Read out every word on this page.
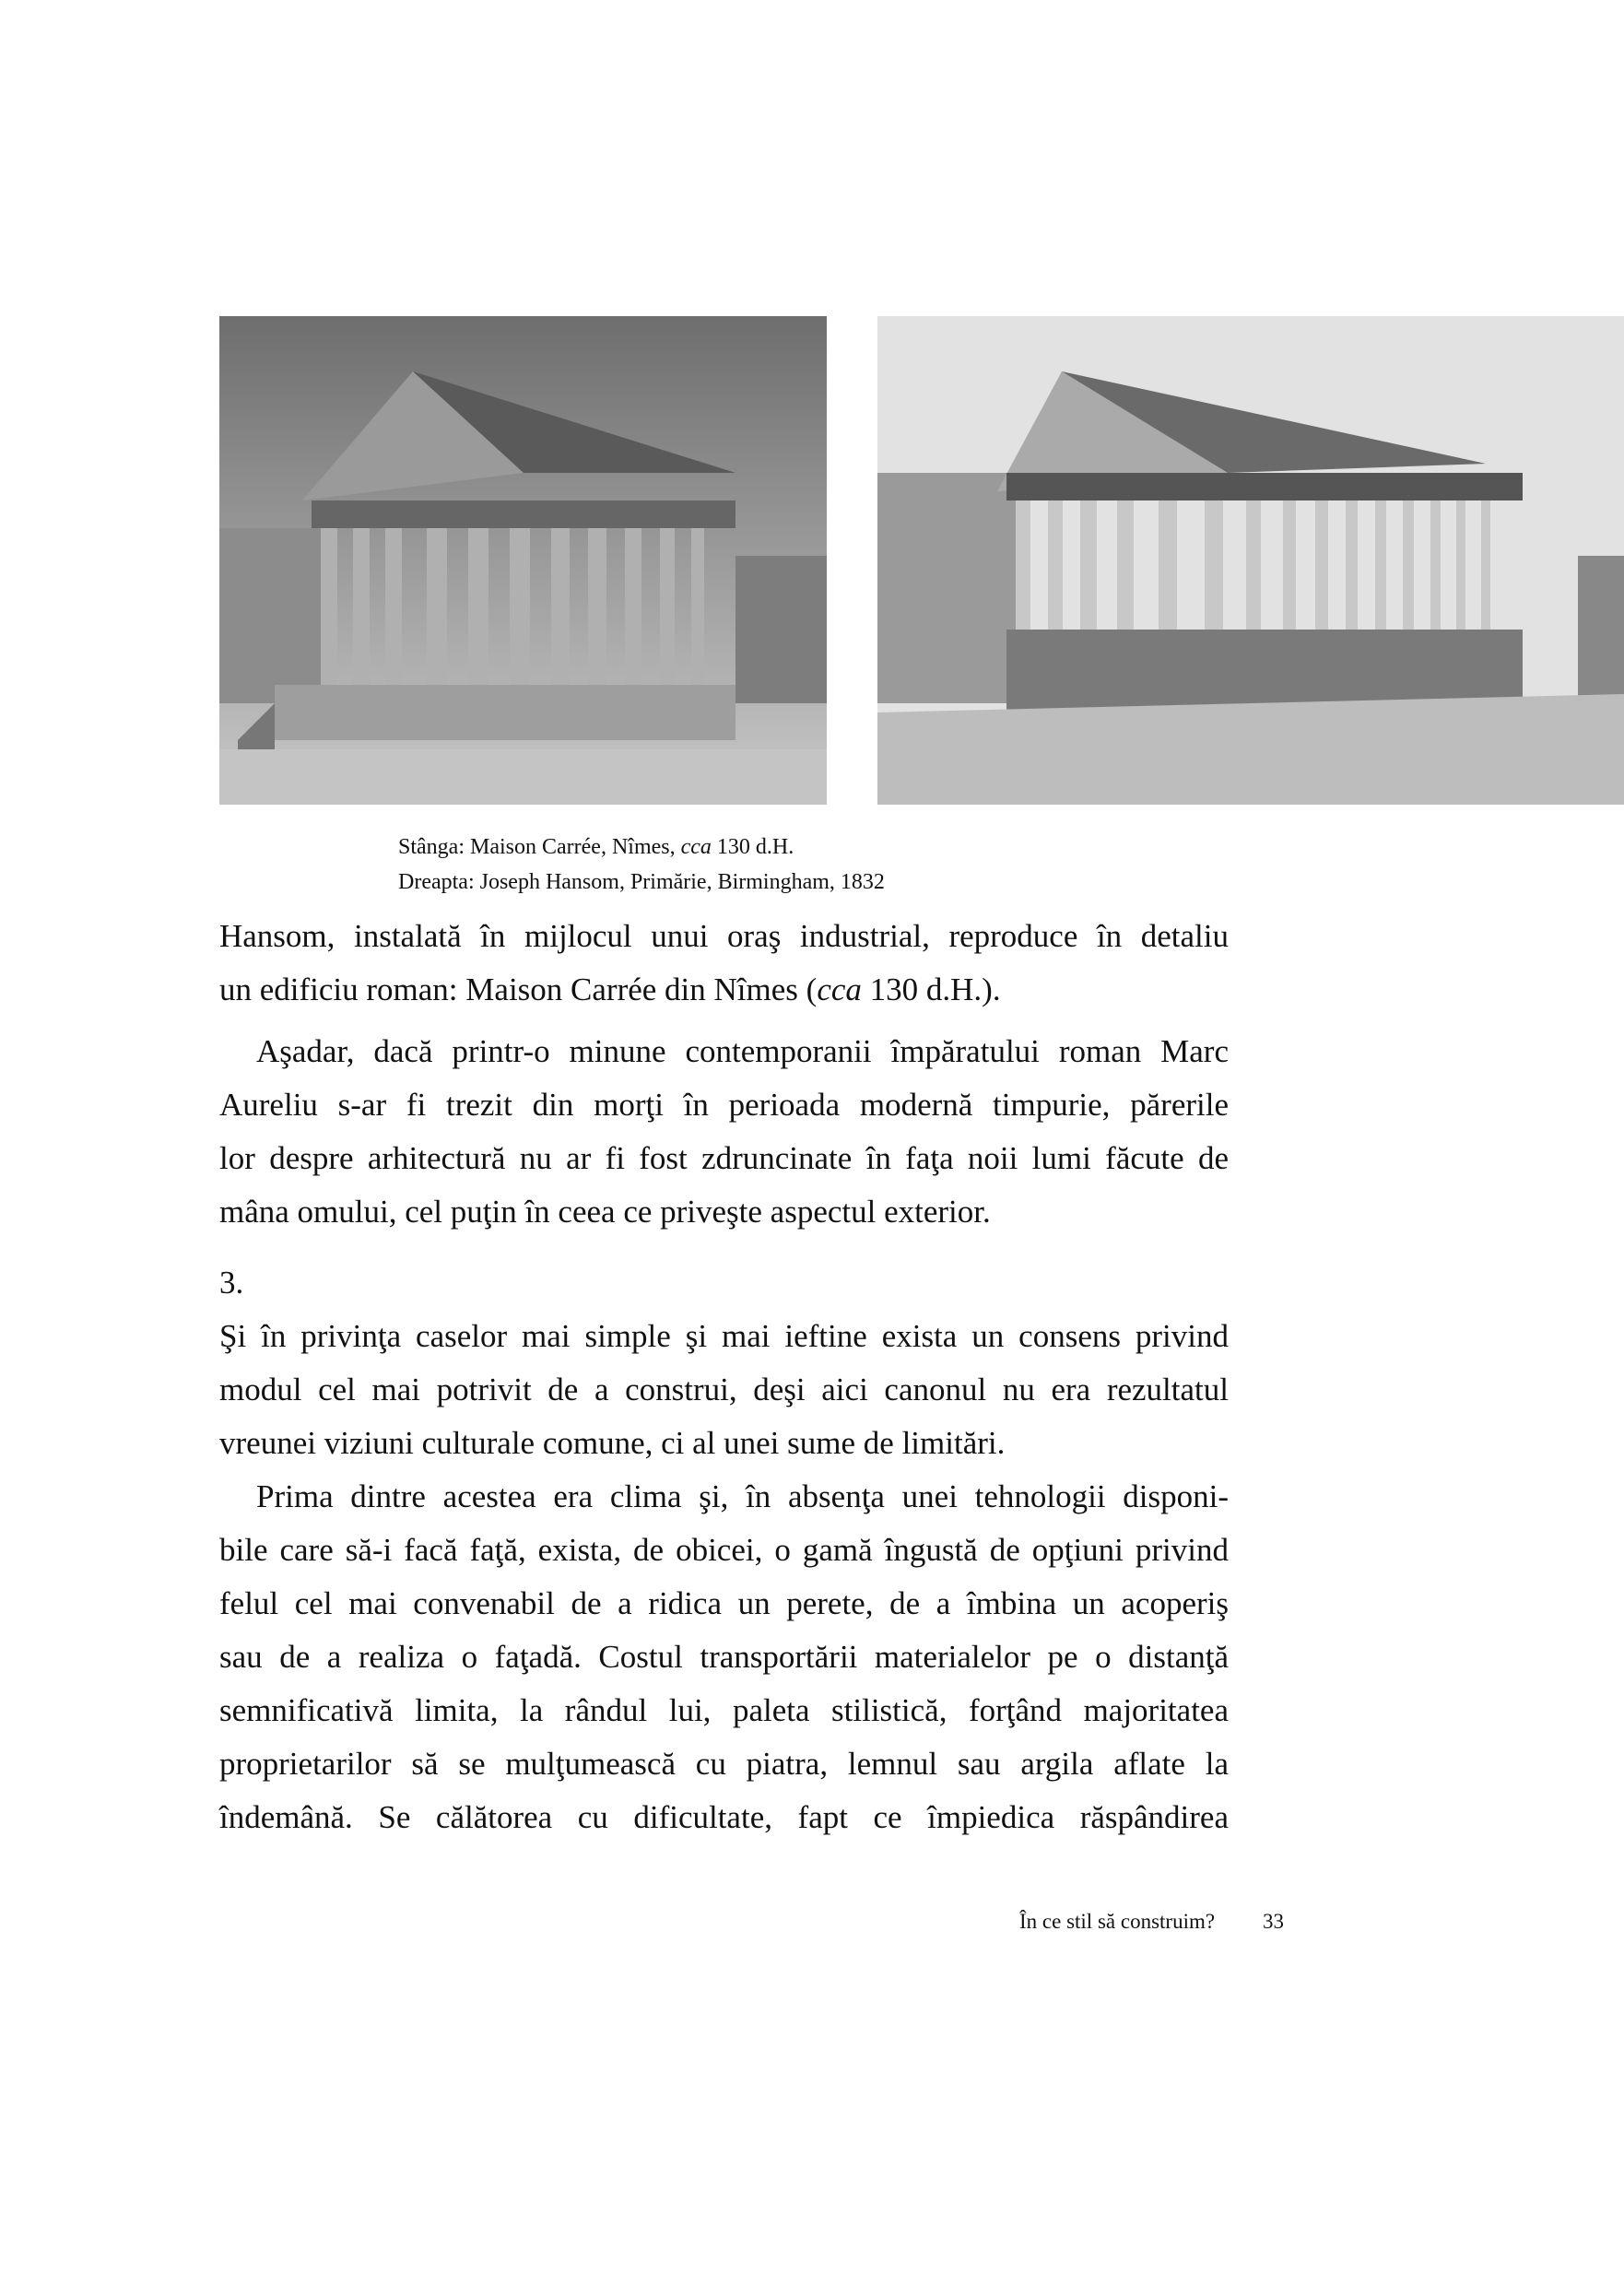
Stânga: Maison Carrée, Nîmes, cca 130 d.H.
Dreapta: Joseph Hansom, Primărie, Birmingham, 1832
Hansom, instalată în mijlocul unui oraş industrial, reproduce în detaliu
un edificiu roman: Maison Carrée din Nîmes (cca 130 d.H.).
Aşadar, dacă printr-o minune contemporanii împăratului roman Marc
Aureliu s-ar fi trezit din morţi în perioada modernă timpurie, părerile
lor despre arhitectură nu ar fi fost zdruncinate în faţa noii lumi făcute de
mâna omului, cel puţin în ceea ce priveşte aspectul exterior.
3.
Şi în privinţa caselor mai simple şi mai ieftine exista un consens privind
modul cel mai potrivit de a construi, deşi aici canonul nu era rezultatul
vreunei viziuni culturale comune, ci al unei sume de limitări.
Prima dintre acestea era clima şi, în absenţa unei tehnologii disponi-
bile care să-i facă faţă, exista, de obicei, o gamă îngustă de opţiuni privind
felul cel mai convenabil de a ridica un perete, de a îmbina un acoperiş
sau de a realiza o faţadă. Costul transportării materialelor pe o distanţă
semnificativă limita, la rândul lui, paleta stilistică, forţând majoritatea
proprietarilor să se mulţumească cu piatra, lemnul sau argila aflate la
îndemână. Se călătorea cu dificultate, fapt ce împiedica răspândirea
În ce stil să construim? 33
